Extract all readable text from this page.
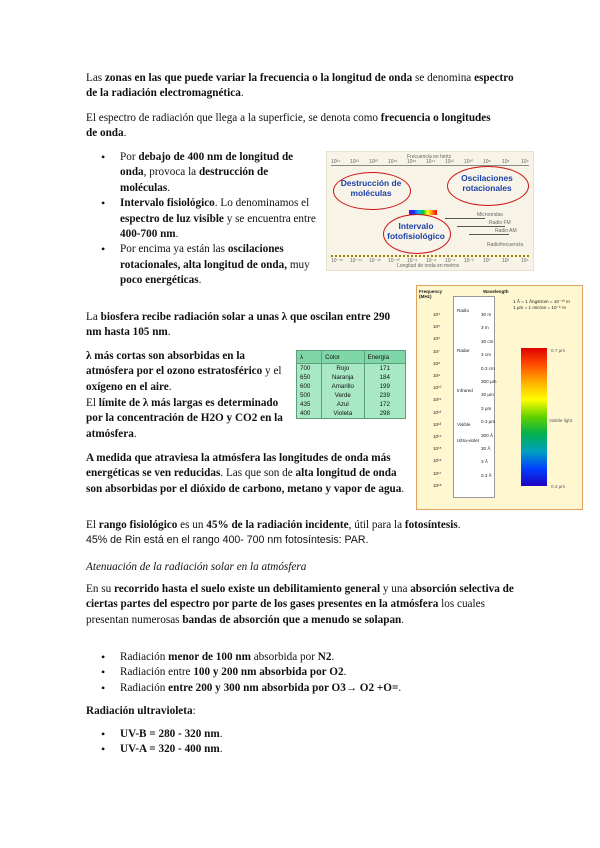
Las zonas en las que puede variar la frecuencia o la longitud de onda se denomina espectro de la radiación electromagnética.

El espectro de radiación que llega a la superficie, se denota como frecuencia o longitudes de onda.

• Por debajo de 400 nm de longitud de onda, provoca la destrucción de moléculas.
• Intervalo fisiológico. Lo denominamos el espectro de luz visible y se encuentra entre 400-700 nm.
• Por encima ya están las oscilaciones rotacionales, alta longitud de onda, muy poco energéticas.
Frecuencia en hertz
10²⁴ 10²² 10²⁰ 10¹⁸ 10¹⁶ 10¹⁴ 10¹² 10¹⁰ 10⁸ 10⁶ 10⁴
Microondas
Radio FM
Radio AM
Radiofrecuencia
10⁻¹⁶ 10⁻¹⁴ 10⁻¹² 10⁻¹⁰ 10⁻⁸ 10⁻⁶ 10⁻⁴ 10⁻² 10⁰ 10² 10⁴
Longitud de onda en metros
Destrucción de moléculas
Oscilaciones rotacionales
Intervalo fotofisiológico

La biosfera recibe radiación solar a unas λ que oscilan entre 290 nm hasta 105 nm.

λ más cortas son absorbidas en la atmósfera por el ozono estratosférico y el oxígeno en el aire.

λ	Color	Energía
700	Rojo	171
650	Naranja	184
600	Amarillo	199
500	Verde	239
435	Azul	172
400	Violeta	298

El límite de λ más largas es determinado por la concentración de H2O y CO2 en la atmósfera.

A medida que atraviesa la atmósfera las longitudes de onda más energéticas se ven reducidas. Las que son de alta longitud de onda son absorbidas por el dióxido de carbono, metano y vapor de agua.

Frequency (MHz)
Wavelength
1 Å = 1 Ångstrom = 10⁻¹⁰ m
1 μm = 1 micron = 10⁻⁶ m
10⁴
10⁵
10⁶
10⁷
10⁸
10⁹
10¹⁰
10¹¹
10¹²
10¹³
10¹⁴
10¹⁵
10¹⁶
10¹⁷
10¹⁸
30 m
3 m
30 cm
3 cm
0.3 cm
300 μm
30 μm
3 μm
0.3 μm
300 Å
30 Å
3 Å
0.3 Å
Radio
Radar
Infrared
Visible
Ultra-violet
0.7 μm
Visible light
0.4 μm

El rango fisiológico es un 45% de la radiación incidente, útil para la fotosíntesis.
45% de Rin está en el rango 400- 700 nm fotosíntesis: PAR.

Atenuación de la radiación solar en la atmósfera

En su recorrido hasta el suelo existe un debilitamiento general y una absorción selectiva de ciertas partes del espectro por parte de los gases presentes en la atmósfera los cuales presentan numerosas bandas de absorción que a menudo se solapan.

• Radiación menor de 100 nm absorbida por N2.
• Radiación entre 100 y 200 nm absorbida por O2.
• Radiación entre 200 y 300 nm absorbida por O3→ O2 +O=.

Radiación ultravioleta:

• UV-B = 280 - 320 nm.
• UV-A = 320 - 400 nm.
